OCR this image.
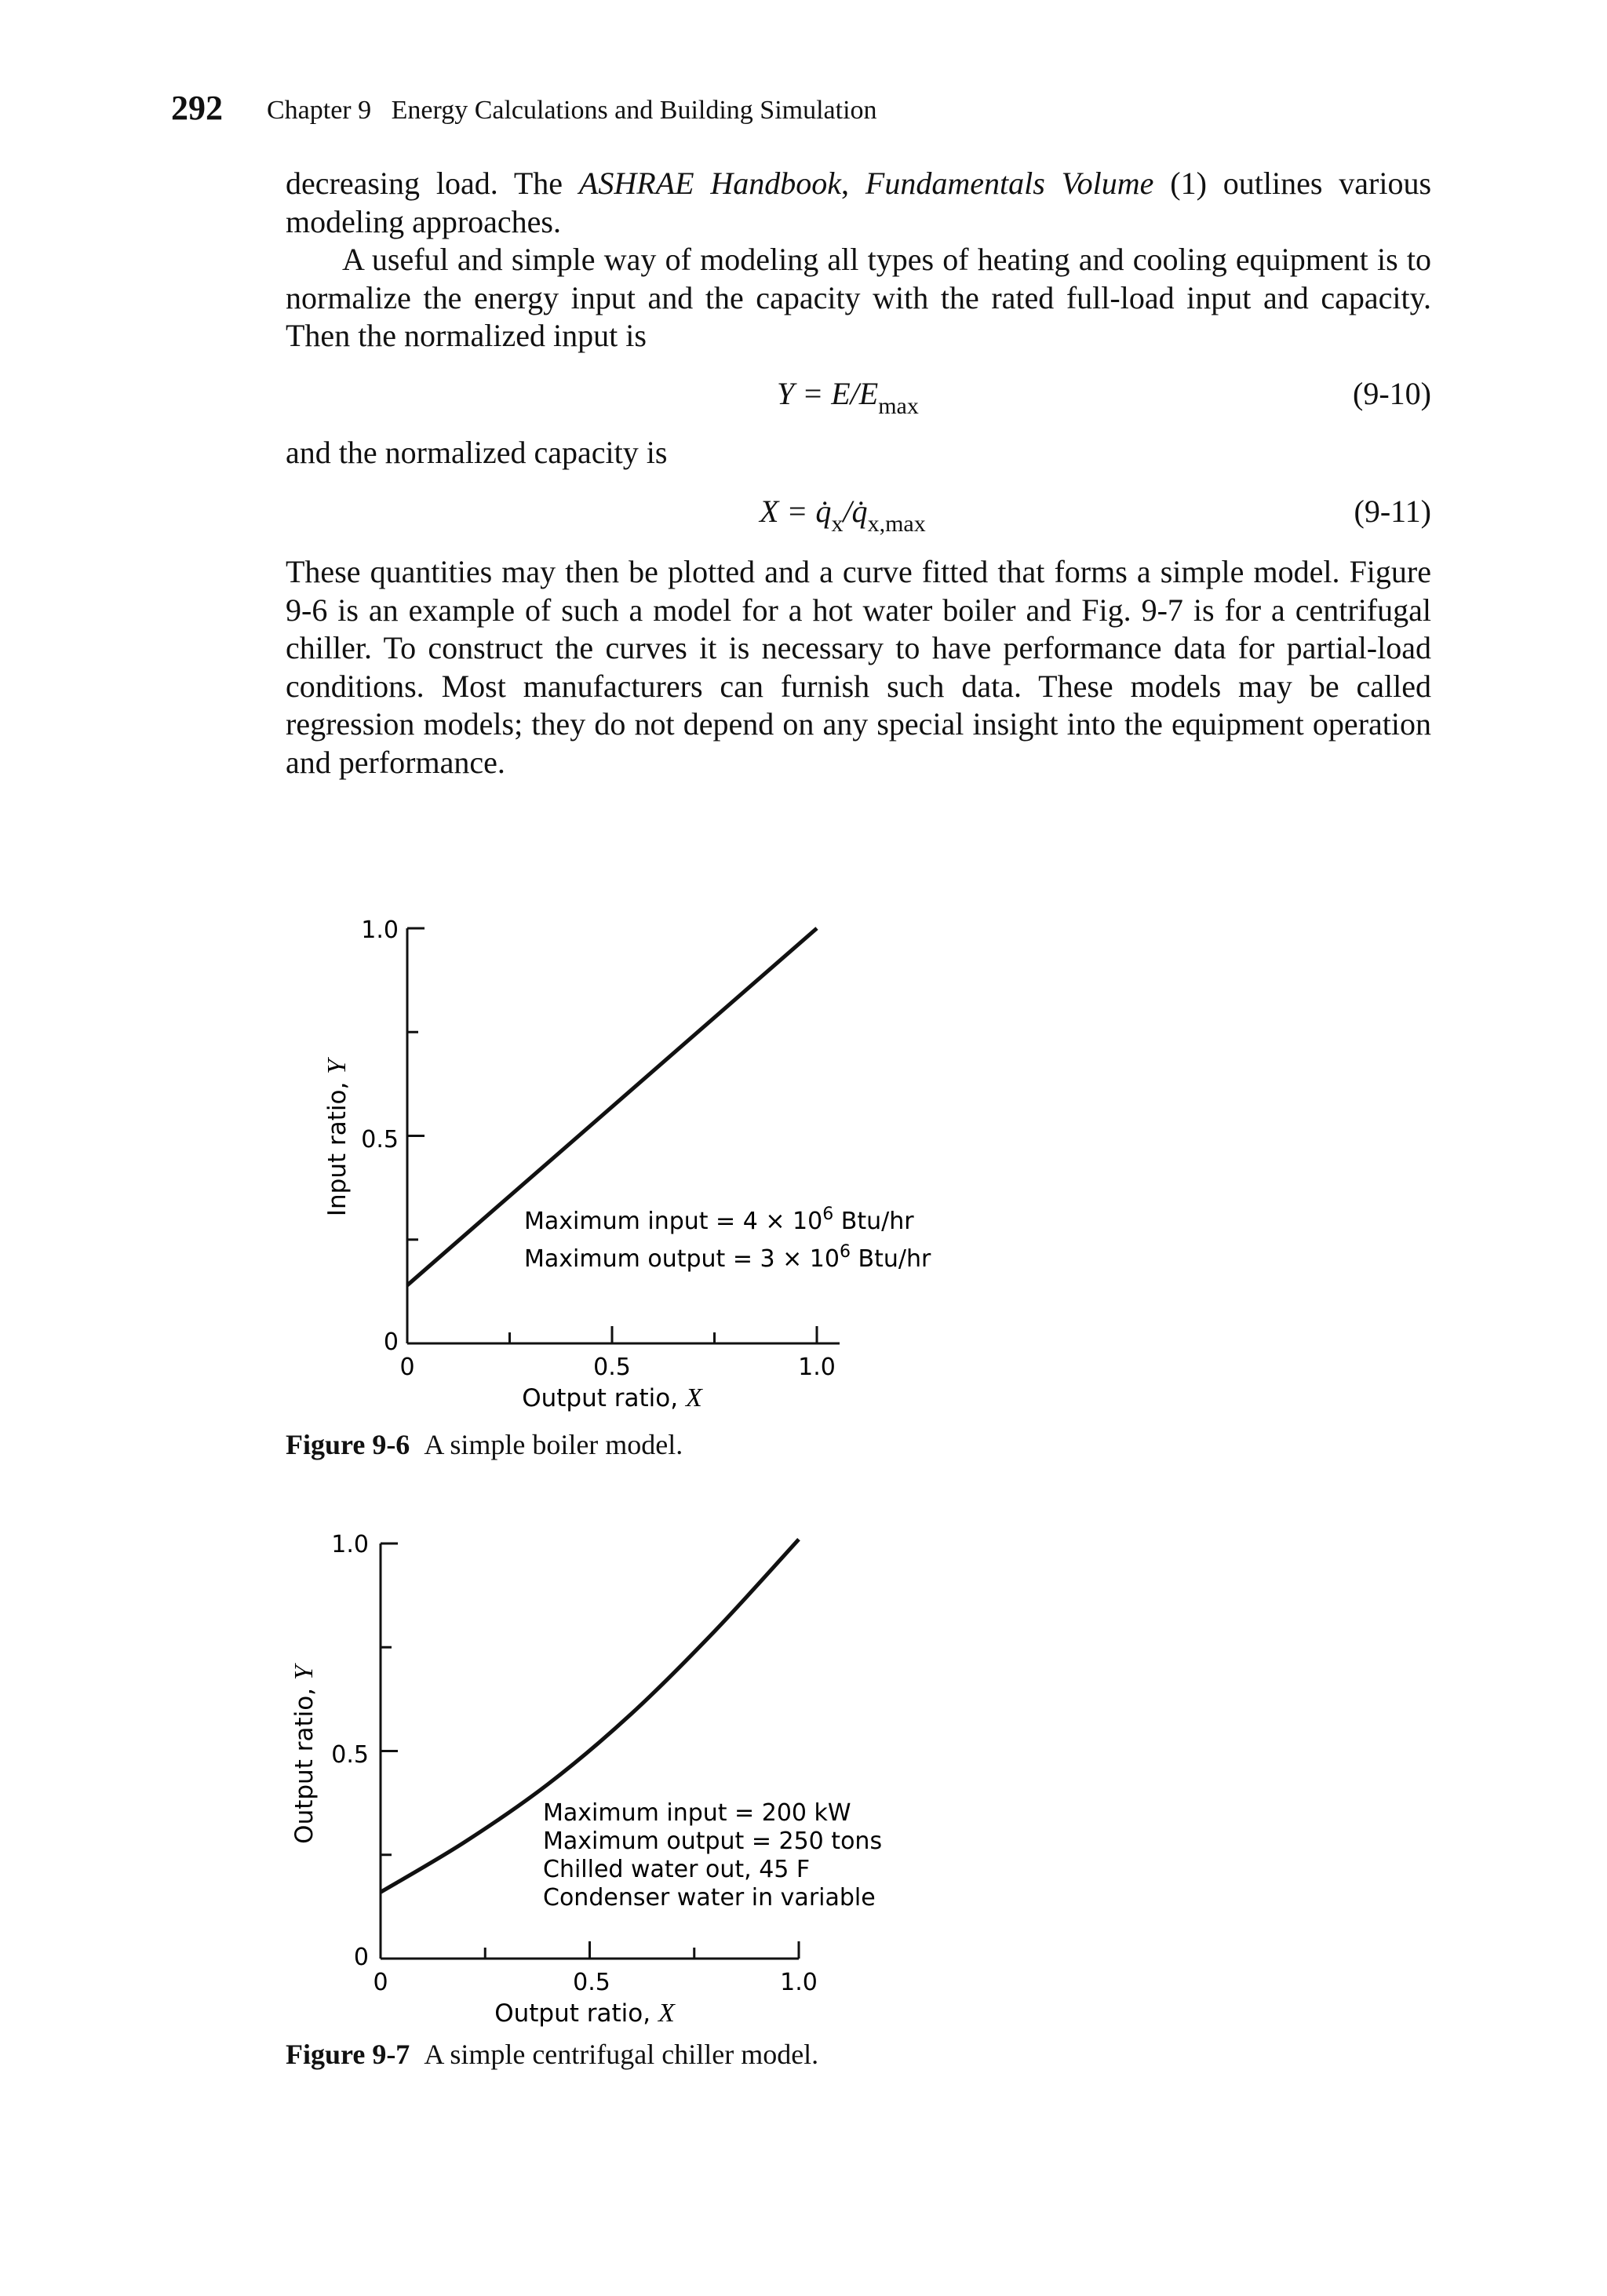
292 Chapter 9 Energy Calculations and Building Simulation

decreasing load. The ASHRAE Handbook, Fundamentals Volume (1) outlines various modeling approaches.

A useful and simple way of modeling all types of heating and cooling equipment is to normalize the energy input and the capacity with the rated full-load input and capacity. Then the normalized input is

$Y = E/E_{max}$	(9-10)
and the normalized capacity is
$X = q̇_x/q̇_{x,max}$	(9-11)
These quantities may then be plotted and a curve fitted that forms a simple model. Figure 9-6 is an example of such a model for a hot water boiler and Fig. 9-7 is for a centrifugal chiller. To construct the curves it is necessary to have performance data for partial-load conditions. Most manufacturers can furnish such data. These models may be called regression models; they do not depend on any special insight into the equipment operation and performance.
1.0
0.5
0
0	0.5	1.0
Output ratio, X
Input ratio, Y
Maximum input = $4 \times 10^6$ Btu/hr
Maximum output = $3 \times 10^6$ Btu/hr
1.0
0.5
0
0	0.5	1.0
Output ratio, X
Output ratio, Y
Maximum input = 200 kW
Maximum output = 250 tons
Chilled water out, 45 F
Condenser water in variable
Figure 9-6 A simple boiler model.
Figure 9-7 A simple centrifugal chiller model.
